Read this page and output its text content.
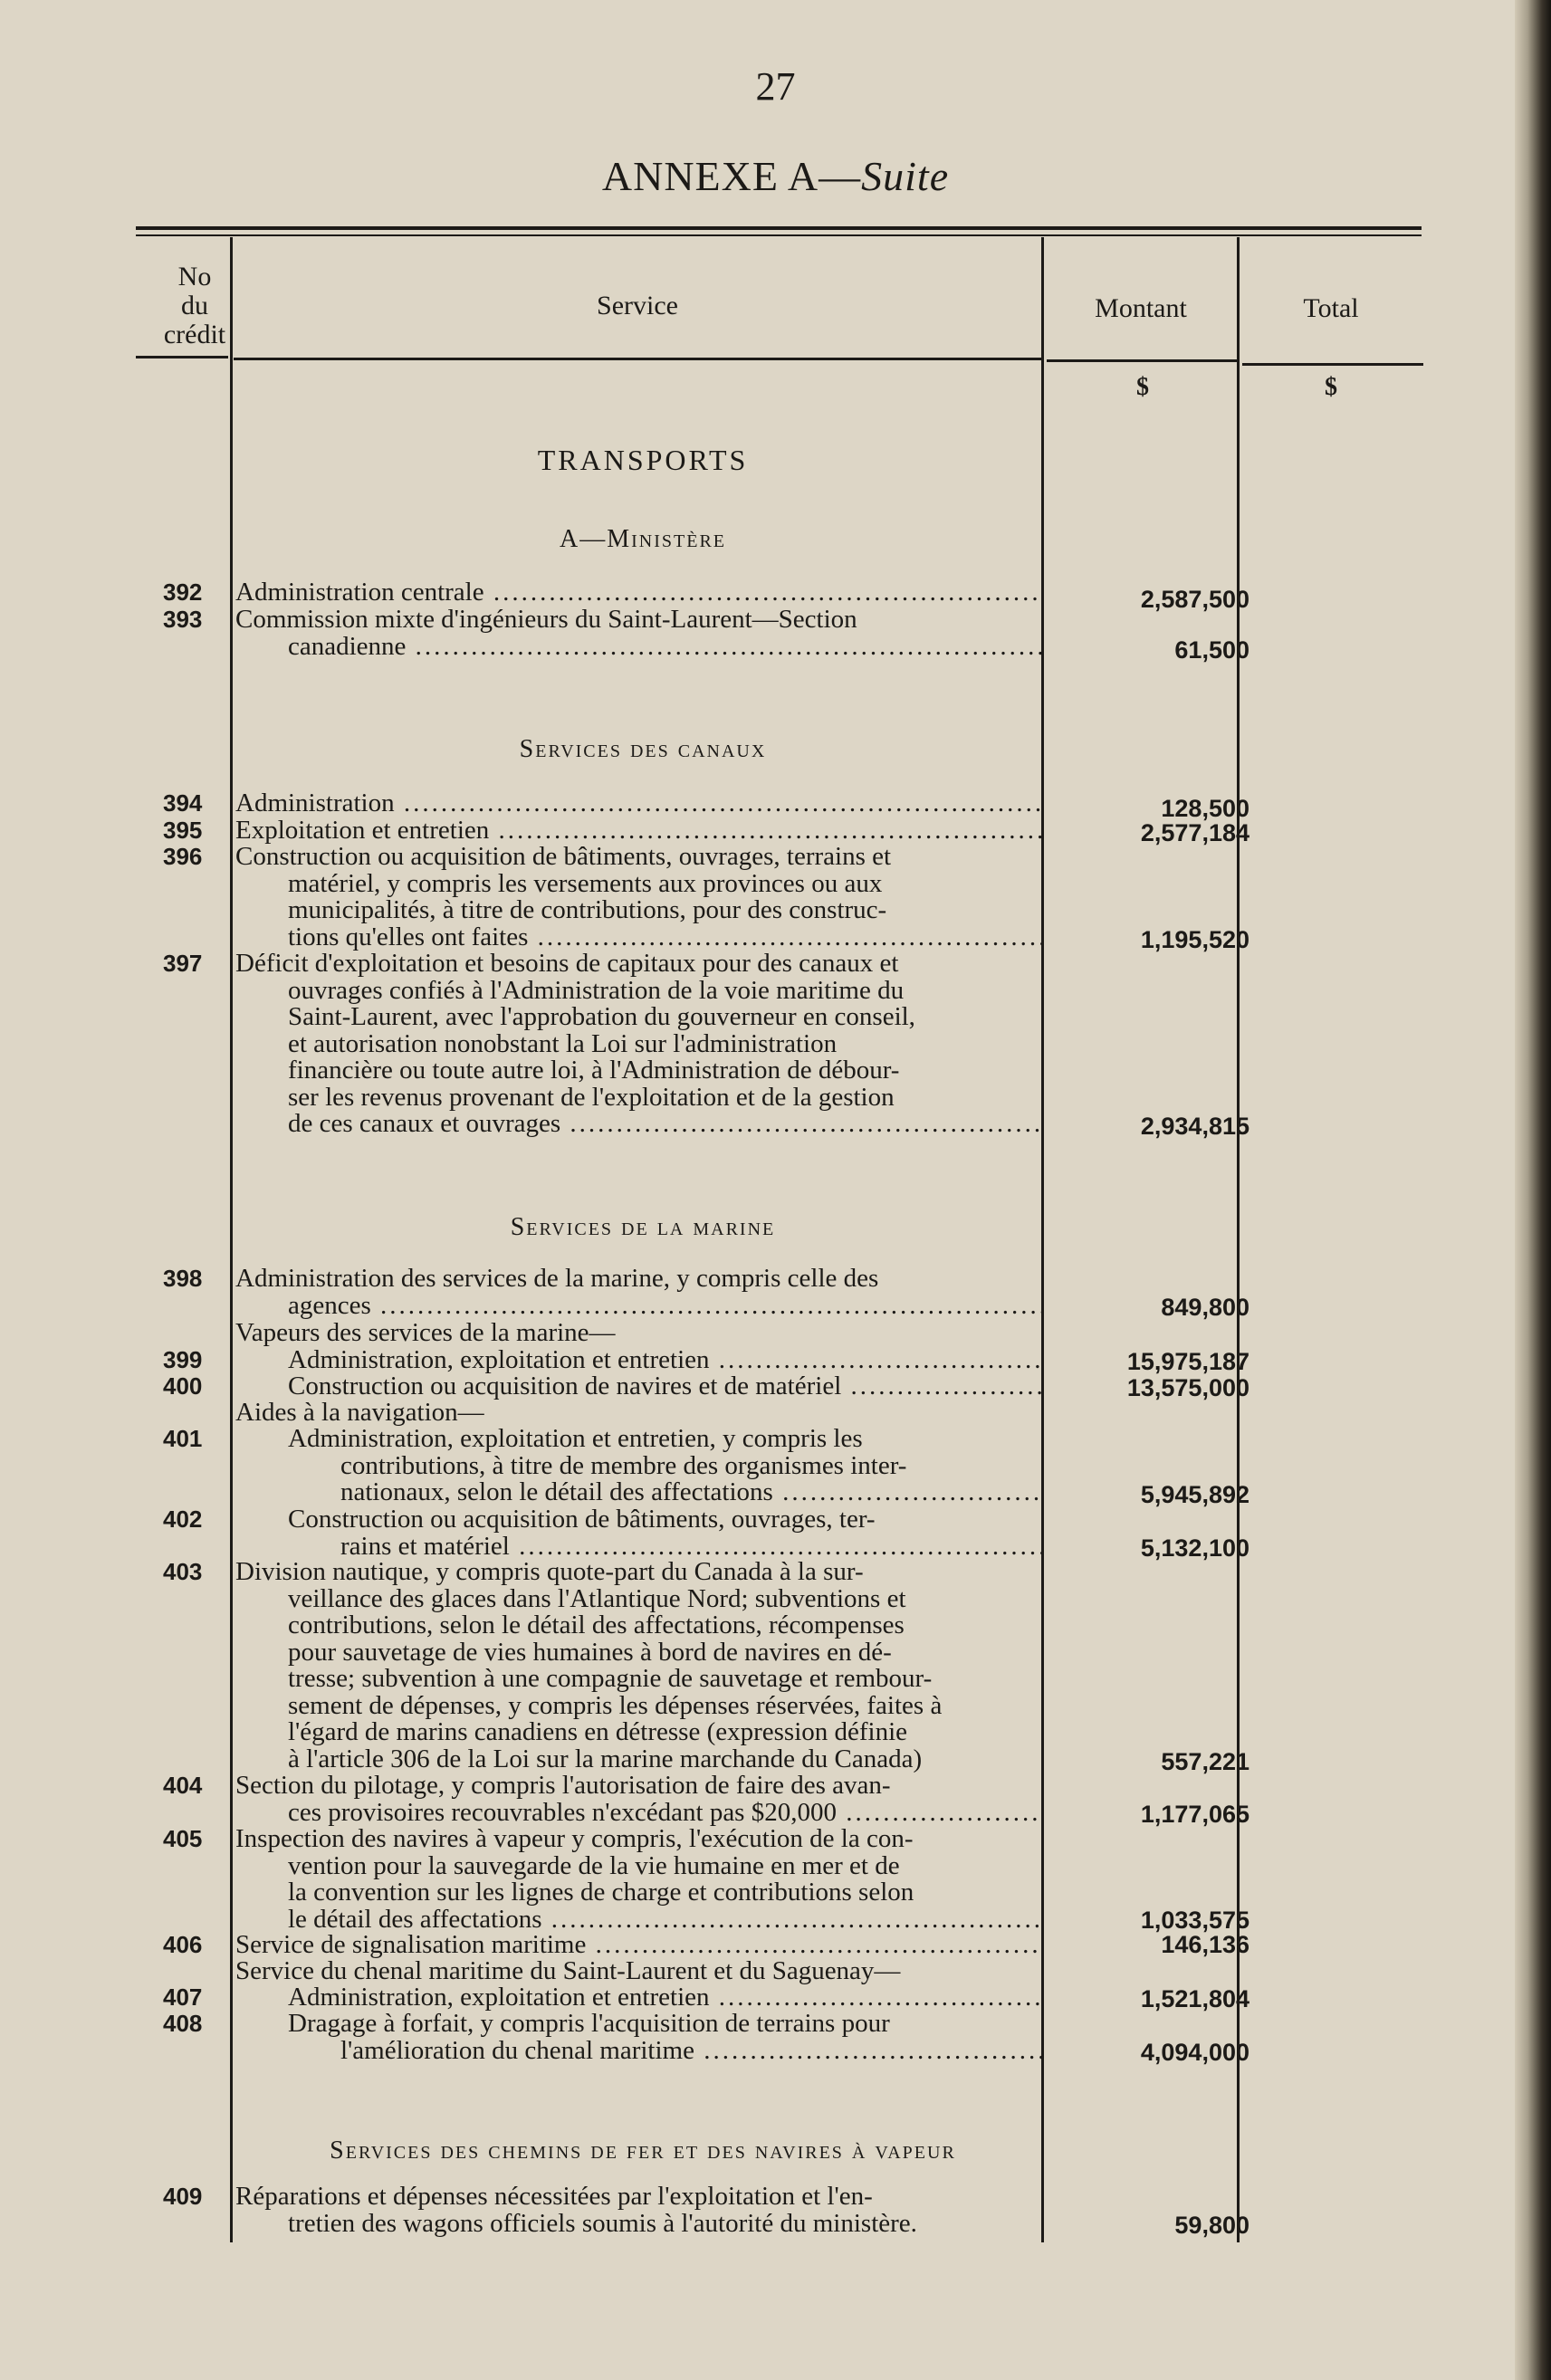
27
ANNEXE A—Suite
No
du
crédit
Service	Montant	Total
$	$
TRANSPORTS
A—Ministère
Services des canaux
Services de la marine
Services des chemins de fer et des navires à vapeur
392	Administration centrale .....	2,587,500
393	Commission mixte d'ingénieurs du Saint-Laurent—Section
canadienne .....	61,500
394	Administration .....	128,500
395	Exploitation et entretien .....	2,577,184
396	Construction ou acquisition de bâtiments, ouvrages, terrains et
matériel, y compris les versements aux provinces ou aux
municipalités, à titre de contributions, pour des construc-
tions qu'elles ont faites .....	1,195,520
397	Déficit d'exploitation et besoins de capitaux pour des canaux et
ouvrages confiés à l'Administration de la voie maritime du
Saint-Laurent, avec l'approbation du gouverneur en conseil,
et autorisation nonobstant la Loi sur l'administration
financière ou toute autre loi, à l'Administration de débour-
ser les revenus provenant de l'exploitation et de la gestion
de ces canaux et ouvrages .....	2,934,815
398	Administration des services de la marine, y compris celle des
agences .....	849,800
Vapeurs des services de la marine—
399	Administration, exploitation et entretien .....	15,975,187
400	Construction ou acquisition de navires et de matériel .....	13,575,000
Aides à la navigation—
401	Administration, exploitation et entretien, y compris les
contributions, à titre de membre des organismes inter-
nationaux, selon le détail des affectations .....	5,945,892
402	Construction ou acquisition de bâtiments, ouvrages, ter-
rains et matériel .....	5,132,100
403	Division nautique, y compris quote-part du Canada à la sur-
veillance des glaces dans l'Atlantique Nord; subventions et
contributions, selon le détail des affectations, récompenses
pour sauvetage de vies humaines à bord de navires en dé-
tresse; subvention à une compagnie de sauvetage et rembour-
sement de dépenses, y compris les dépenses réservées, faites à
l'égard de marins canadiens en détresse (expression définie
à l'article 306 de la Loi sur la marine marchande du Canada)	557,221
404	Section du pilotage, y compris l'autorisation de faire des avan-
ces provisoires recouvrables n'excédant pas $20,000 .....	1,177,065
405	Inspection des navires à vapeur y compris, l'exécution de la con-
vention pour la sauvegarde de la vie humaine en mer et de
la convention sur les lignes de charge et contributions selon
le détail des affectations .....	1,033,575
406	Service de signalisation maritime .....	146,136
Service du chenal maritime du Saint-Laurent et du Saguenay—
407	Administration, exploitation et entretien .....	1,521,804
408	Dragage à forfait, y compris l'acquisition de terrains pour
l'amélioration du chenal maritime .....	4,094,000
409	Réparations et dépenses nécessitées par l'exploitation et l'en-
tretien des wagons officiels soumis à l'autorité du ministère.	59,800
